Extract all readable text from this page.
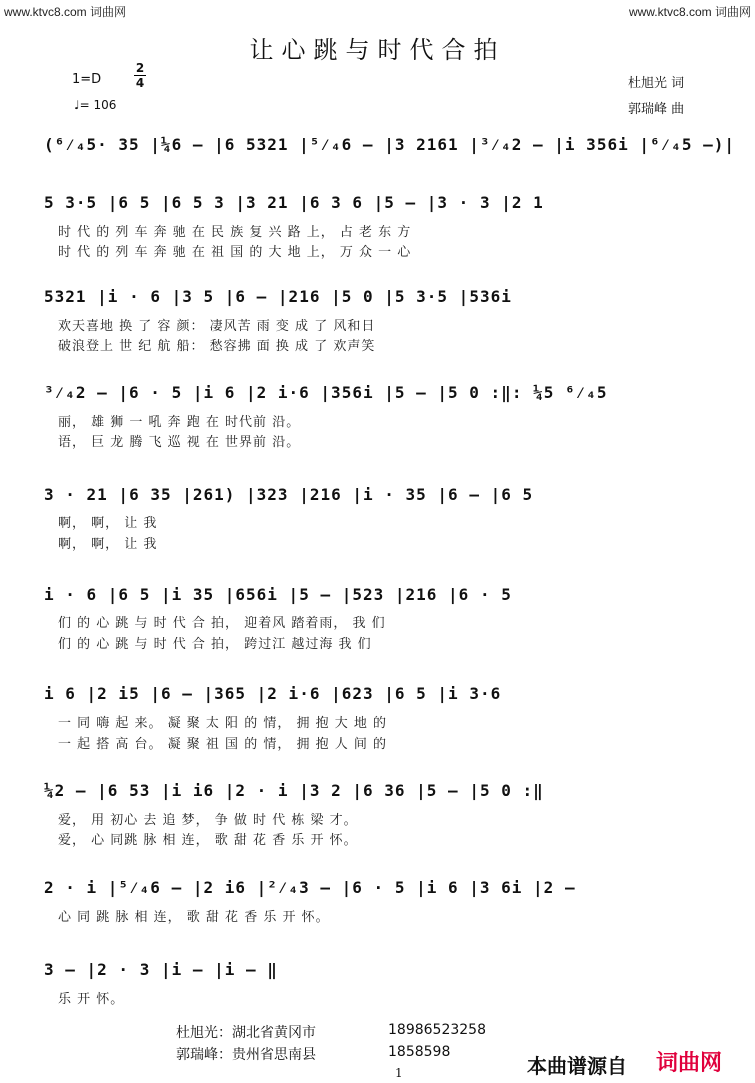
www.ktvc8.com 词曲网	www.ktvc8.com 词曲网
让心跳与时代合拍
1=D
2
4
♩= 106
杜旭光 词
郭瑞峰 曲
(⁶⁄₄5· 35 |¼6 – |6 5321 |⁵⁄₄6 – |3 2161 |³⁄₄2 – |i 356i |⁶⁄₄5 –)|
5 3·5 |6 5 |6 5 3 |3 21 |6 3 6 |5 – |3 · 3 |2 1
时 代 的 列 车 奔 驰 在 民 族 复 兴 路 上， 占 老 东 方
时 代 的 列 车 奔 驰 在 祖 国 的 大 地 上， 万 众 一 心
5321 |i · 6 |3 5 |6 – |216 |5 0 |5 3·5 |536i
欢天喜地 换 了 容 颜： 凄风苦 雨 变 成 了 风和日
破浪登上 世 纪 航 船： 愁容拂 面 换 成 了 欢声笑
³⁄₄2 – |6 · 5 |i 6 |2 i·6 |356i |5 – |5 0 :‖: ¼5 ⁶⁄₄5
丽， 雄 狮 一 吼 奔 跑 在 时代前 沿。
语， 巨 龙 腾 飞 巡 视 在 世界前 沿。
3 · 21 |6 35 |261) |323 |216 |i · 35 |6 – |6 5
啊， 啊， 让 我
啊， 啊， 让 我
i · 6 |6 5 |i 35 |656i |5 – |523 |216 |6 · 5
们 的 心 跳 与 时 代 合 拍， 迎着风 踏着雨， 我 们
们 的 心 跳 与 时 代 合 拍， 跨过江 越过海 我 们
i 6 |2 i5 |6 – |365 |2 i·6 |623 |6 5 |i 3·6
一 同 嗨 起 来。 凝 聚 太 阳 的 情， 拥 抱 大 地 的
一 起 搭 高 台。 凝 聚 祖 国 的 情， 拥 抱 人 间 的
¼2 – |6 53 |i i6 |2 · i |3 2 |6 36 |5 – |5 0 :‖
爱， 用 初心 去 追 梦， 争 做 时 代 栋 梁 才。
爱， 心 同跳 脉 相 连， 歌 甜 花 香 乐 开 怀。
2 · i |⁵⁄₄6 – |2 i6 |²⁄₄3 – |6 · 5 |i 6 |3 6i |2 –
心 同 跳 脉 相 连， 歌 甜 花 香 乐 开 怀。
3 – |2 · 3 |i – |i – ‖
乐 开 怀。
杜旭光：湖北省黄冈市	18986523258
郭瑞峰：贵州省思南县	1858598
本曲谱源自 词曲网
1
